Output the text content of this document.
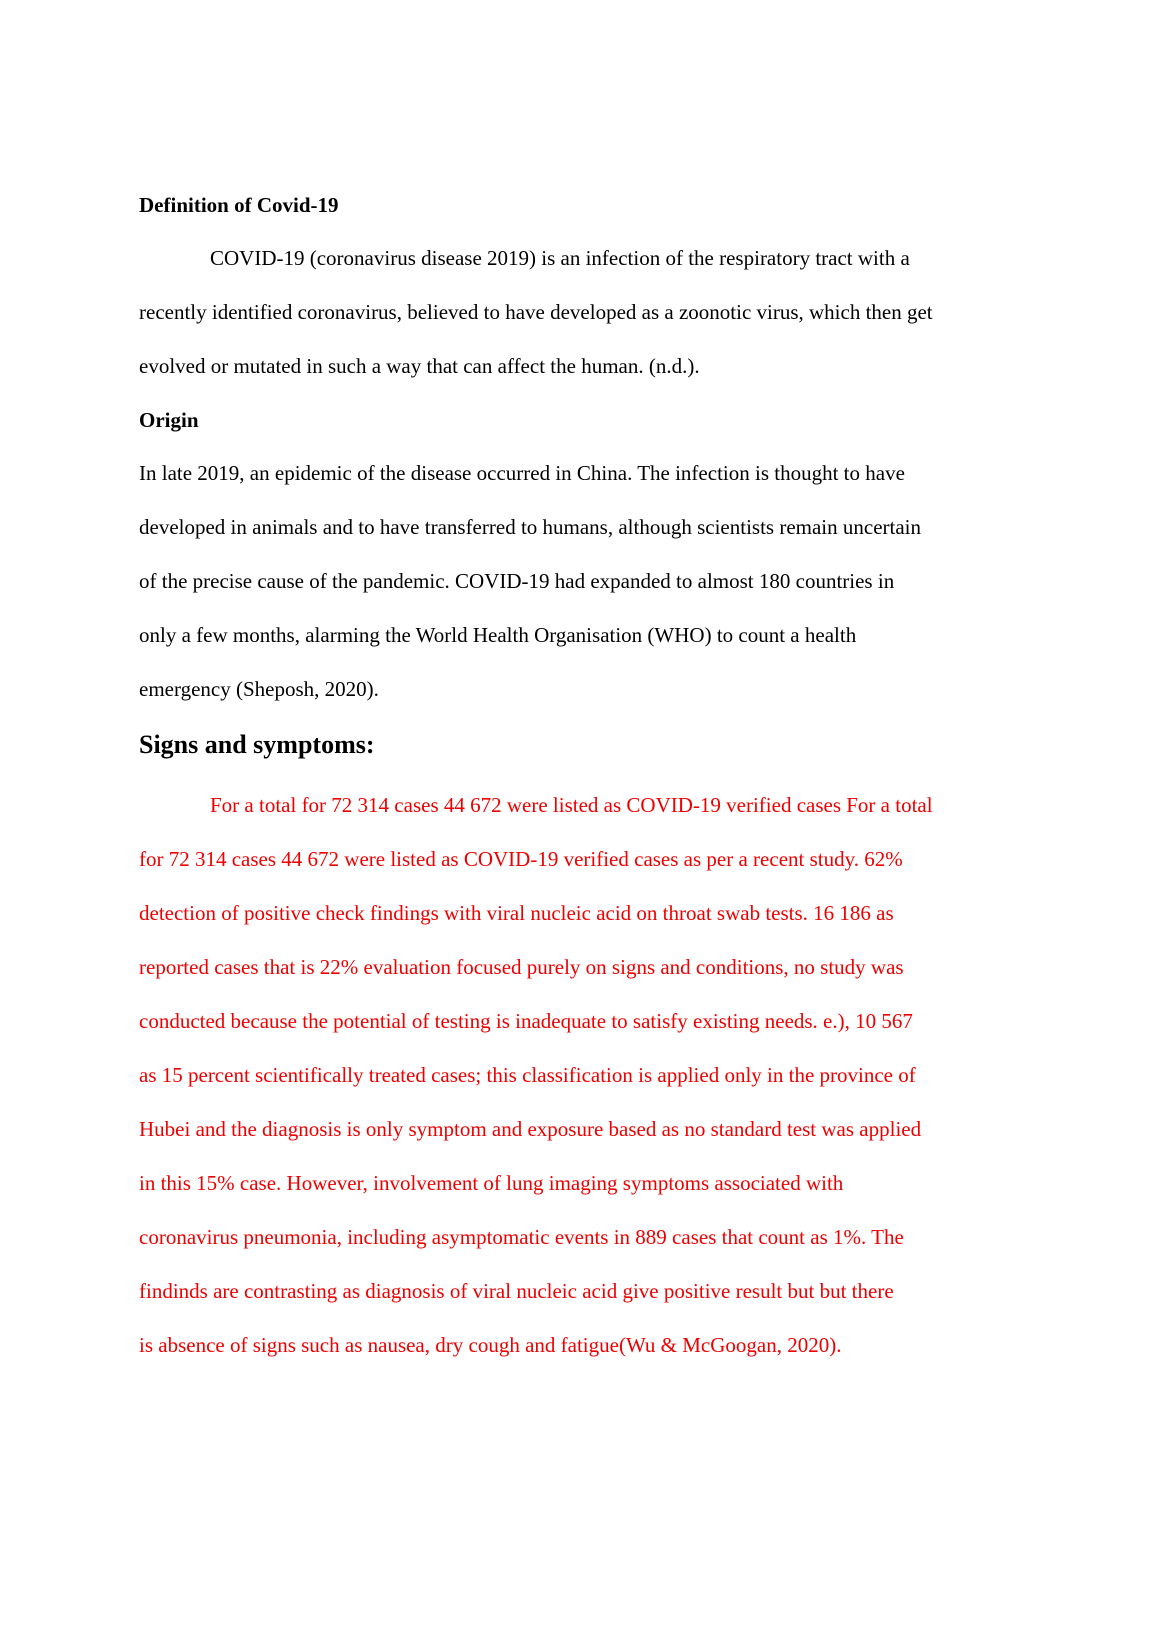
Definition of Covid-19
COVID-19 (coronavirus disease 2019) is an infection of the respiratory tract with a
recently identified coronavirus, believed to have developed as a zoonotic virus, which then get
evolved or mutated in such a way that can affect the human. (n.d.).
Origin
In late 2019, an epidemic of the disease occurred in China. The infection is thought to have
developed in animals and to have transferred to humans, although scientists remain uncertain
of the precise cause of the pandemic. COVID-19 had expanded to almost 180 countries in
only a few months, alarming the World Health Organisation (WHO) to count a health
emergency (Sheposh, 2020).
Signs and symptoms:
For a total for 72 314 cases 44 672 were listed as COVID-19 verified cases For a total
for 72 314 cases 44 672 were listed as COVID-19 verified cases as per a recent study. 62%
detection of positive check findings with viral nucleic acid on throat swab tests. 16 186 as
reported cases that is 22% evaluation focused purely on signs and conditions, no study was
conducted because the potential of testing is inadequate to satisfy existing needs. e.), 10 567
as 15 percent scientifically treated cases; this classification is applied only in the province of
Hubei and the diagnosis is only symptom and exposure based as no standard test was applied
in this 15% case. However, involvement of lung imaging symptoms associated with
coronavirus pneumonia, including asymptomatic events in 889 cases that count as 1%. The
findinds are contrasting as diagnosis of viral nucleic acid give positive result but but there
is absence of signs such as nausea, dry cough and fatigue(Wu & McGoogan, 2020).
